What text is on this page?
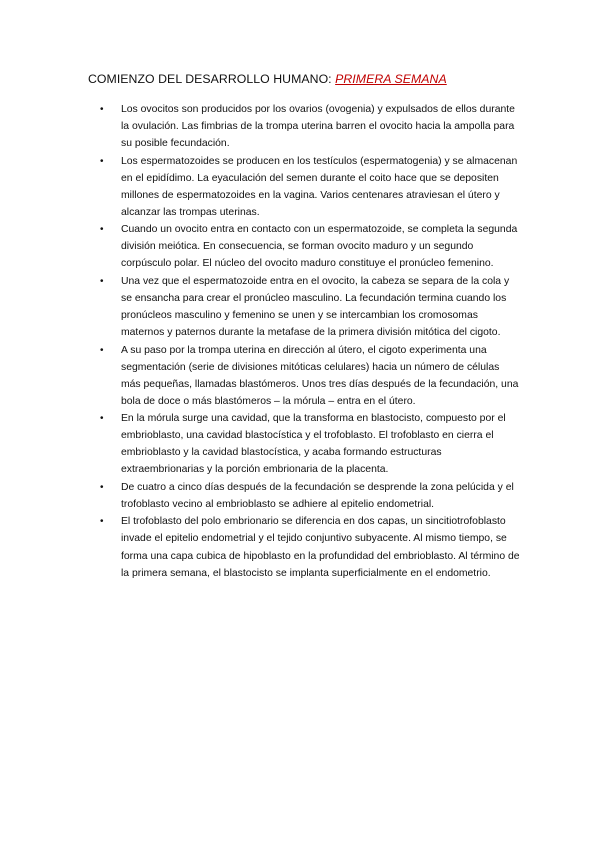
COMIENZO DEL DESARROLLO HUMANO: PRIMERA SEMANA
• Los ovocitos son producidos por los ovarios (ovogenia) y expulsados de ellos durante la ovulación. Las fimbrias de la trompa uterina barren el ovocito hacia la ampolla para su posible fecundación.
• Los espermatozoides se producen en los testículos (espermatogenia) y se almacenan en el epidídimo. La eyaculación del semen durante el coito hace que se depositen millones de espermatozoides en la vagina. Varios centenares atraviesan el útero y alcanzar las trompas uterinas.
• Cuando un ovocito entra en contacto con un espermatozoide, se completa la segunda división meiótica. En consecuencia, se forman ovocito maduro y un segundo corpúsculo polar. El núcleo del ovocito maduro constituye el pronúcleo femenino.
• Una vez que el espermatozoide entra en el ovocito, la cabeza se separa de la cola y se ensancha para crear el pronúcleo masculino. La fecundación termina cuando los pronúcleos masculino y femenino se unen y se intercambian los cromosomas maternos y paternos durante la metafase de la primera división mitótica del cigoto.
• A su paso por la trompa uterina en dirección al útero, el cigoto experimenta una segmentación (serie de divisiones mitóticas celulares) hacia un número de células más pequeñas, llamadas blastómeros. Unos tres días después de la fecundación, una bola de doce o más blastómeros – la mórula – entra en el útero.
• En la mórula surge una cavidad, que la transforma en blastocisto, compuesto por el embrioblasto, una cavidad blastocística y el trofoblasto. El trofoblasto en cierra el embrioblasto y la cavidad blastocística, y acaba formando estructuras extraembrionarias y la porción embrionaria de la placenta.
• De cuatro a cinco días después de la fecundación se desprende la zona pelúcida y el trofoblasto vecino al embrioblasto se adhiere al epitelio endometrial.
• El trofoblasto del polo embrionario se diferencia en dos capas, un sincitiotrofoblasto invade el epitelio endometrial y el tejido conjuntivo subyacente. Al mismo tiempo, se forma una capa cubica de hipoblasto en la profundidad del embrioblasto. Al término de la primera semana, el blastocisto se implanta superficialmente en el endometrio.
